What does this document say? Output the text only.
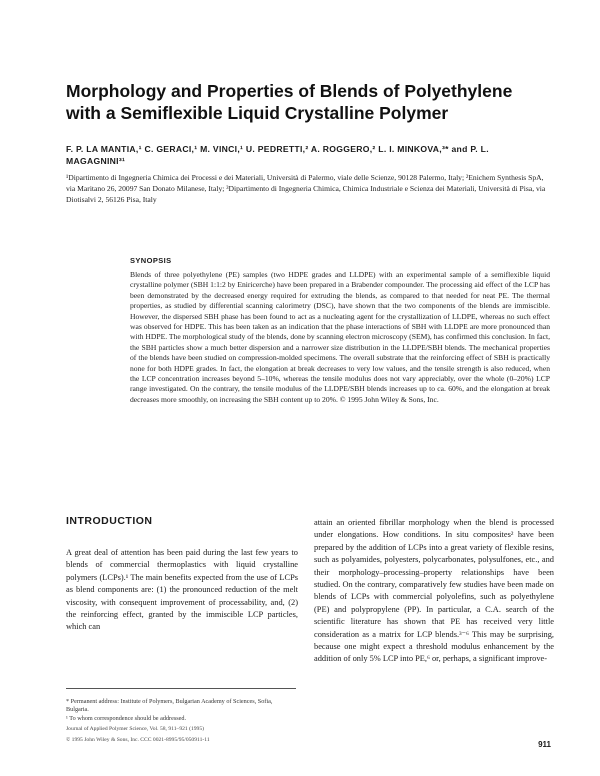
Morphology and Properties of Blends of Polyethylene with a Semiflexible Liquid Crystalline Polymer
F. P. LA MANTIA,¹ C. GERACI,¹ M. VINCI,¹ U. PEDRETTI,² A. ROGGERO,² L. I. MINKOVA,³* and P. L. MAGAGNINI³¹
¹Dipartimento di Ingegneria Chimica dei Processi e dei Materiali, Università di Palermo, viale delle Scienze, 90128 Palermo, Italy; ²Enichem Synthesis SpA, via Maritano 26, 20097 San Donato Milanese, Italy; ³Dipartimento di Ingegneria Chimica, Chimica Industriale e Scienza dei Materiali, Università di Pisa, via Diotisalvi 2, 56126 Pisa, Italy
SYNOPSIS
Blends of three polyethylene (PE) samples (two HDPE grades and LLDPE) with an experimental sample of a semiflexible liquid crystalline polymer (SBH 1:1:2 by Eniricerche) have been prepared in a Brabender compounder. The processing aid effect of the LCP has been demonstrated by the decreased energy required for extruding the blends, as compared to that needed for neat PE. The thermal properties, as studied by differential scanning calorimetry (DSC), have shown that the two components of the blends are immiscible. However, the dispersed SBH phase has been found to act as a nucleating agent for the crystallization of LLDPE, whereas no such effect was observed for HDPE. This has been taken as an indication that the phase interactions of SBH with LLDPE are more pronounced than with HDPE. The morphological study of the blends, done by scanning electron microscopy (SEM), has confirmed this conclusion. In fact, the SBH particles show a much better dispersion and a narrower size distribution in the LLDPE/SBH blends. The mechanical properties of the blends have been studied on compression-molded specimens. The overall substrate that the reinforcing effect of SBH is practically none for both HDPE grades. In fact, the elongation at break decreases to very low values, and the tensile strength is also reduced, when the LCP concentration increases beyond 5–10%, whereas the tensile modulus does not vary appreciably, over the whole (0–20%) LCP range investigated. On the contrary, the tensile modulus of the LLDPE/SBH blends increases up to ca. 60%, and the elongation at break decreases more smoothly, on increasing the SBH content up to 20%. © 1995 John Wiley & Sons, Inc.
INTRODUCTION

A great deal of attention has been paid during the last few years to blends of commercial thermoplastics with liquid crystalline polymers (LCPs).¹ The main benefits expected from the use of LCPs as blend components are: (1) the pronounced reduction of the melt viscosity, with consequent improvement of processability, and, (2) the reinforcing effect, granted by the immiscible LCP particles, which can

attain an oriented fibrillar morphology when the blend is processed under elongations. How conditions. In situ composites² have been prepared by the addition of LCPs into a great variety of flexible resins, such as polyamides, polyesters, polycarbonates, polysulfones, etc., and their morphology–processing–property relationships have been studied. On the contrary, comparatively few studies have been made on blends of LCPs with commercial polyolefins, such as polyethylene (PE) and polypropylene (PP). In particular, a C.A. search of the scientific literature has shown that PE has received very little consideration as a matrix for LCP blends.³⁻⁶ This may be surprising, because one might expect a threshold modulus enhancement by the addition of only 5% LCP into PE,⁶ or, perhaps, a significant improve-

* Permanent address: Institute of Polymers, Bulgarian Academy of Sciences, Sofia, Bulgaria.

¹ To whom correspondence should be addressed.

Journal of Applied Polymer Science, Vol. 58, 911–921 (1995)

© 1995 John Wiley & Sons, Inc. CCC 0021-8995/95/050911-11	911
